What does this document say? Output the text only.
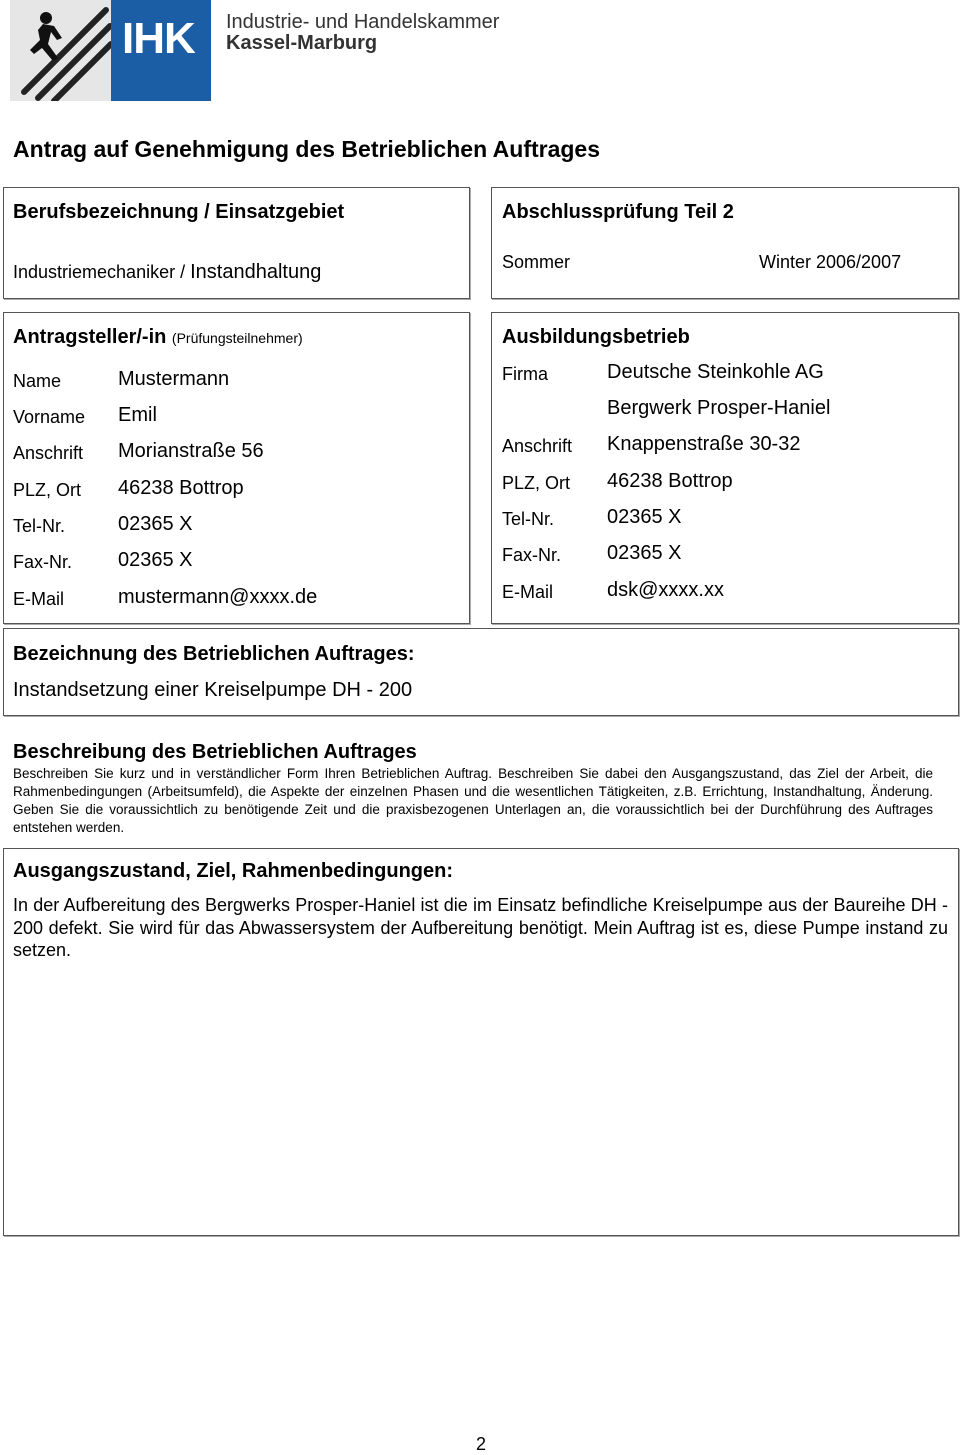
IHK Industrie- und Handelskammer
Kassel-Marburg
Antrag auf Genehmigung des Betrieblichen Auftrages
Berufsbezeichnung / Einsatzgebiet
Industriemechaniker / Instandhaltung
Abschlussprüfung Teil 2
Sommer	Winter 2006/2007
Antragsteller/-in (Prüfungsteilnehmer)
Name	Mustermann
Vorname Emil
Anschrift Morianstraße 56
PLZ, Ort 46238 Bottrop
Tel-Nr.	02365 X
Fax-Nr. 02365 X
E-Mail	mustermann@xxxx.de
Ausbildungsbetrieb
Firma	Deutsche Steinkohle AG
Bergwerk Prosper-Haniel
Anschrift Knappenstraße 30-32
PLZ, Ort 46238 Bottrop
Tel-Nr.	02365 X
Fax-Nr. 02365 X
E-Mail	dsk@xxxx.xx
Bezeichnung des Betrieblichen Auftrages:
Instandsetzung einer Kreiselpumpe DH - 200
Beschreibung des Betrieblichen Auftrages

Beschreiben Sie kurz und in verständlicher Form Ihren Betrieblichen Auftrag. Beschreiben Sie dabei den Ausgangszustand, das Ziel der Arbeit, die Rahmenbedingungen (Arbeitsumfeld), die Aspekte der einzelnen Phasen und die wesentlichen Tätigkeiten, z.B. Errichtung, Instandhaltung, Änderung. Geben Sie die voraussichtlich zu benötigende Zeit und die praxisbezogenen Unterlagen an, die voraussichtlich bei der Durchführung des Auftrages entstehen werden.

Ausgangszustand, Ziel, Rahmenbedingungen:

In der Aufbereitung des Bergwerks Prosper-Haniel ist die im Einsatz befindliche Kreiselpumpe aus der Baureihe DH - 200 defekt. Sie wird für das Abwassersystem der Aufbereitung benötigt. Mein Auftrag ist es, diese Pumpe instand zu setzen.

2
